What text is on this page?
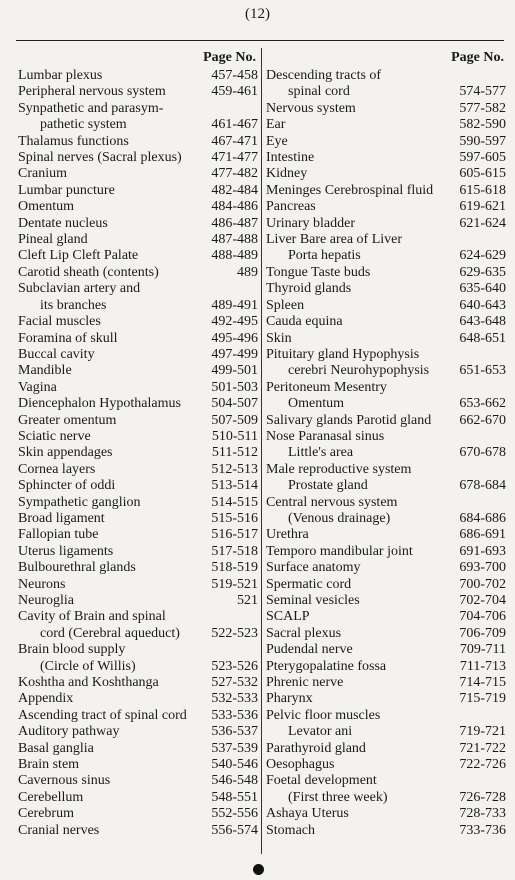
(12)
Page No.
Lumbar plexus	457-458
Peripheral nervous system	459-461
Synpathetic and parasym-
pathetic system	461-467
Thalamus functions	467-471
Spinal nerves (Sacral plexus) 471-477
Cranium	477-482
Lumbar puncture	482-484
Omentum	484-486
Dentate nucleus	486-487
Pineal gland	487-488
Cleft Lip Cleft Palate	488-489
Carotid sheath (contents)	489
Subclavian artery and
its branches	489-491
Facial muscles	492-495
Foramina of skull	495-496
Buccal cavity	497-499
Mandible	499-501
Vagina	501-503
Diencephalon Hypothalamus 504-507
Greater omentum	507-509
Sciatic nerve	510-511
Skin appendages	511-512
Cornea layers	512-513
Sphincter of oddi	513-514
Sympathetic ganglion	514-515
Broad ligament	515-516
Fallopian tube	516-517
Uterus ligaments	517-518
Bulbourethral glands	518-519
Neurons	519-521
Neuroglia	521
Cavity of Brain and spinal
cord (Cerebral aqueduct) 522-523
Brain blood supply
(Circle of Willis)	523-526
Koshtha and Koshthanga	527-532
Appendix	532-533
Ascending tract of spinal cord 533-536
Auditory pathway	536-537
Basal ganglia	537-539
Brain stem	540-546
Cavernous sinus	546-548
Cerebellum	548-551
Cerebrum	552-556
Cranial nerves	556-574
Page No.
Descending tracts of
spinal cord	574-577
Nervous system	577-582
Ear	582-590
Eye	590-597
Intestine	597-605
Kidney	605-615
Meninges Cerebrospinal fluid 615-618
Pancreas	619-621
Urinary bladder	621-624
Liver Bare area of Liver
Porta hepatis	624-629
Tongue Taste buds	629-635
Thyroid glands	635-640
Spleen	640-643
Cauda equina	643-648
Skin	648-651
Pituitary gland Hypophysis
cerebri Neurohypophysis 651-653
Peritoneum Mesentry
Omentum	653-662
Salivary glands Parotid gland 662-670
Nose Paranasal sinus
Little's area	670-678
Male reproductive system
Prostate gland	678-684
Central nervous system
(Venous drainage)	684-686
Urethra	686-691
Temporo mandibular joint	691-693
Surface anatomy	693-700
Spermatic cord	700-702
Seminal vesicles	702-704
SCALP	704-706
Sacral plexus	706-709
Pudendal nerve	709-711
Pterygopalatine fossa	711-713
Phrenic nerve	714-715
Pharynx	715-719
Pelvic floor muscles
Levator ani	719-721
Parathyroid gland	721-722
Oesophagus	722-726
Foetal development
(First three week)	726-728
Ashaya Uterus	728-733
Stomach	733-736
